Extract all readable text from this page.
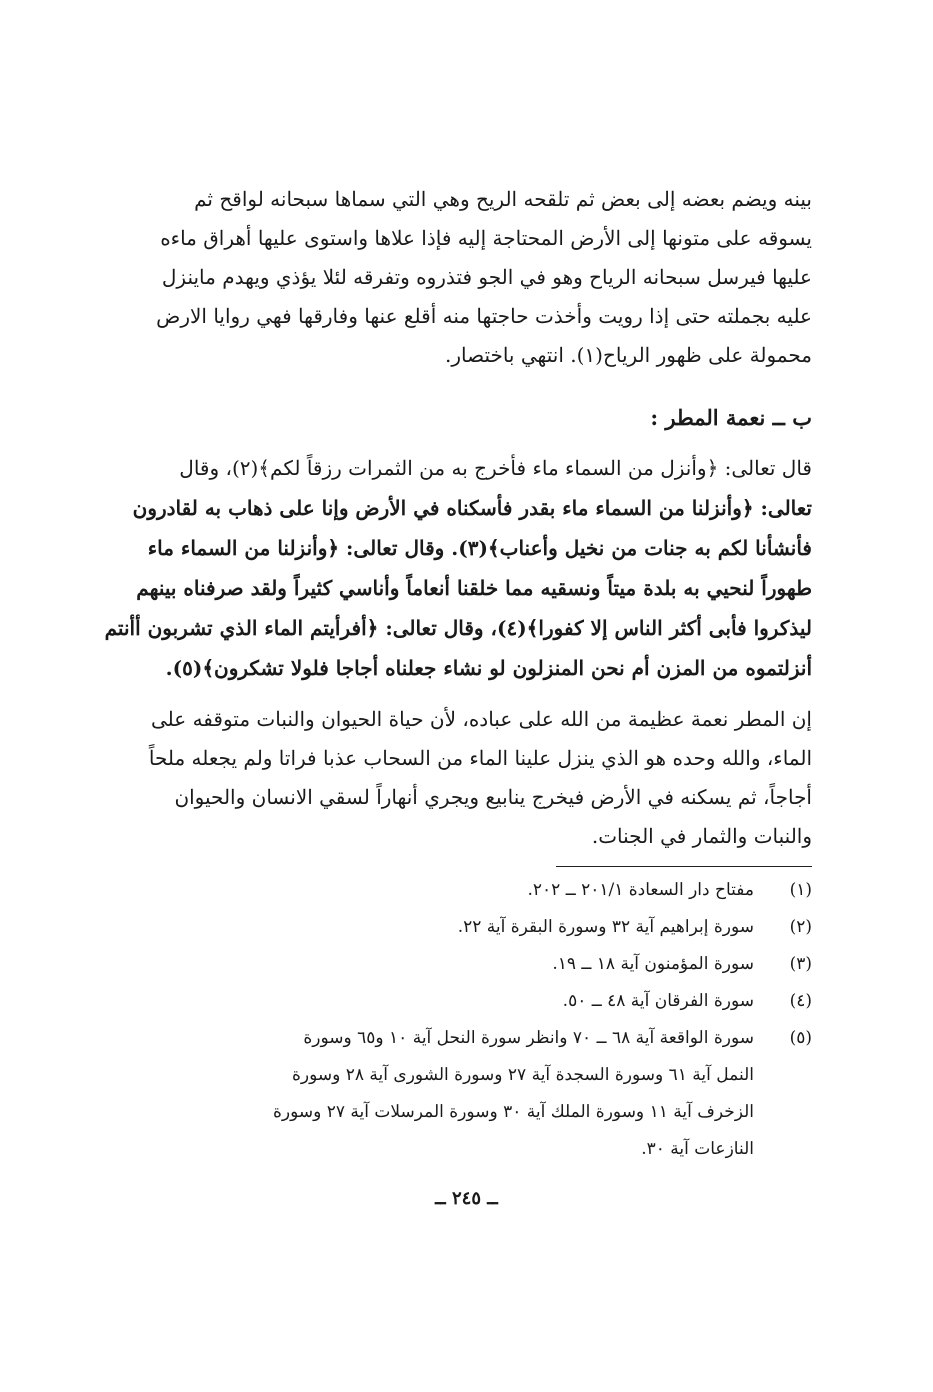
بينه ويضم بعضه إلى بعض ثم تلقحه الريح وهي التي سماها سبحانه لواقح ثم
يسوقه على متونها إلى الأرض المحتاجة إليه فإذا علاها واستوى عليها أهراق ماءه
عليها فيرسل سبحانه الرياح وهو في الجو فتذروه وتفرقه لئلا يؤذي ويهدم ماينزل
عليه بجملته حتى إذا رويت وأخذت حاجتها منه أقلع عنها وفارقها فهي روايا الارض
محمولة على ظهور الرياح(١). انتهي باختصار.
ب ــ نعمة المطر :
قال تعالى: ﴿وأنزل من السماء ماء فأخرج به من الثمرات رزقاً لكم﴾(٢)، وقال
تعالى: ﴿وأنزلنا من السماء ماء بقدر فأسكناه في الأرض وإنا على ذهاب به لقادرون
فأنشأنا لكم به جنات من نخيل وأعناب﴾(٣). وقال تعالى: ﴿وأنزلنا من السماء ماء
طهوراً لنحيي به بلدة ميتاً ونسقيه مما خلقنا أنعاماً وأناسي كثيراً ولقد صرفناه بينهم
ليذكروا فأبى أكثر الناس إلا كفورا﴾(٤)، وقال تعالى: ﴿أفرأيتم الماء الذي تشربون أأنتم
أنزلتموه من المزن أم نحن المنزلون لو نشاء جعلناه أجاجا فلولا تشكرون﴾(٥).
إن المطر نعمة عظيمة من الله على عباده، لأن حياة الحيوان والنبات متوقفه على
الماء، والله وحده هو الذي ينزل علينا الماء من السحاب عذبا فراتا ولم يجعله ملحاً
أجاجاً، ثم يسكنه في الأرض فيخرج ينابيع ويجري أنهاراً لسقي الانسان والحيوان
والنبات والثمار في الجنات.
(١)
مفتاح دار السعادة ٢٠١/١ ــ ٢٠٢.
(٢)
سورة إبراهيم آية ٣٢ وسورة البقرة آية ٢٢.
(٣)
سورة المؤمنون آية ١٨ ــ ١٩.
(٤)
سورة الفرقان آية ٤٨ ــ ٥٠.
(٥)
سورة الواقعة آية ٦٨ ــ ٧٠ وانظر سورة النحل آية ١٠ و٦٥ وسورة
النمل آية ٦١ وسورة السجدة آية ٢٧ وسورة الشورى آية ٢٨ وسورة
الزخرف آية ١١ وسورة الملك آية ٣٠ وسورة المرسلات آية ٢٧ وسورة
النازعات آية ٣٠.
ــ ٢٤٥ ــ
